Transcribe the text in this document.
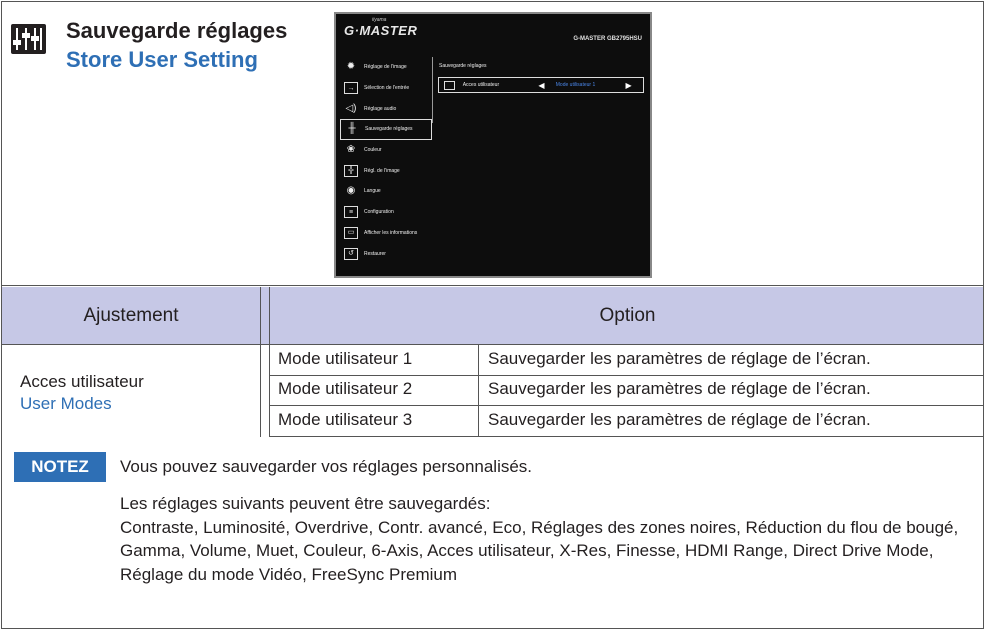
Sauvegarde réglages
Store User Setting
iiyama
G·MASTER
G-MASTER GB2795HSU
✹	Réglage de l'image
→	Sélection de l'entrée
◁) Réglage audio
╫	Sauvegarde réglages
❀	Couleur
╬	Régl. de l'image
◉	Langue
≡	Configuration
▭	Afficher les informations
↺	Restaurer
Sauvegarde réglages
Acces utilisateur	◀	Mode utilisateur 1	▶
Ajustement	Option
Acces utilisateur
User Modes
Mode utilisateur 1	Sauvegarder les paramètres de réglage de l’écran.
Mode utilisateur 2	Sauvegarder les paramètres de réglage de l’écran.
Mode utilisateur 3	Sauvegarder les paramètres de réglage de l’écran.
NOTEZ	Vous pouvez sauvegarder vos réglages personnalisés.
Les réglages suivants peuvent être sauvegardés:
Contraste, Luminosité, Overdrive, Contr. avancé, Eco, Réglages des zones noires, Réduction du flou de bougé, Gamma, Volume, Muet, Couleur, 6-Axis, Acces utilisateur, X-Res, Finesse, HDMI Range, Direct Drive Mode, Réglage du mode Vidéo, FreeSync Premium
